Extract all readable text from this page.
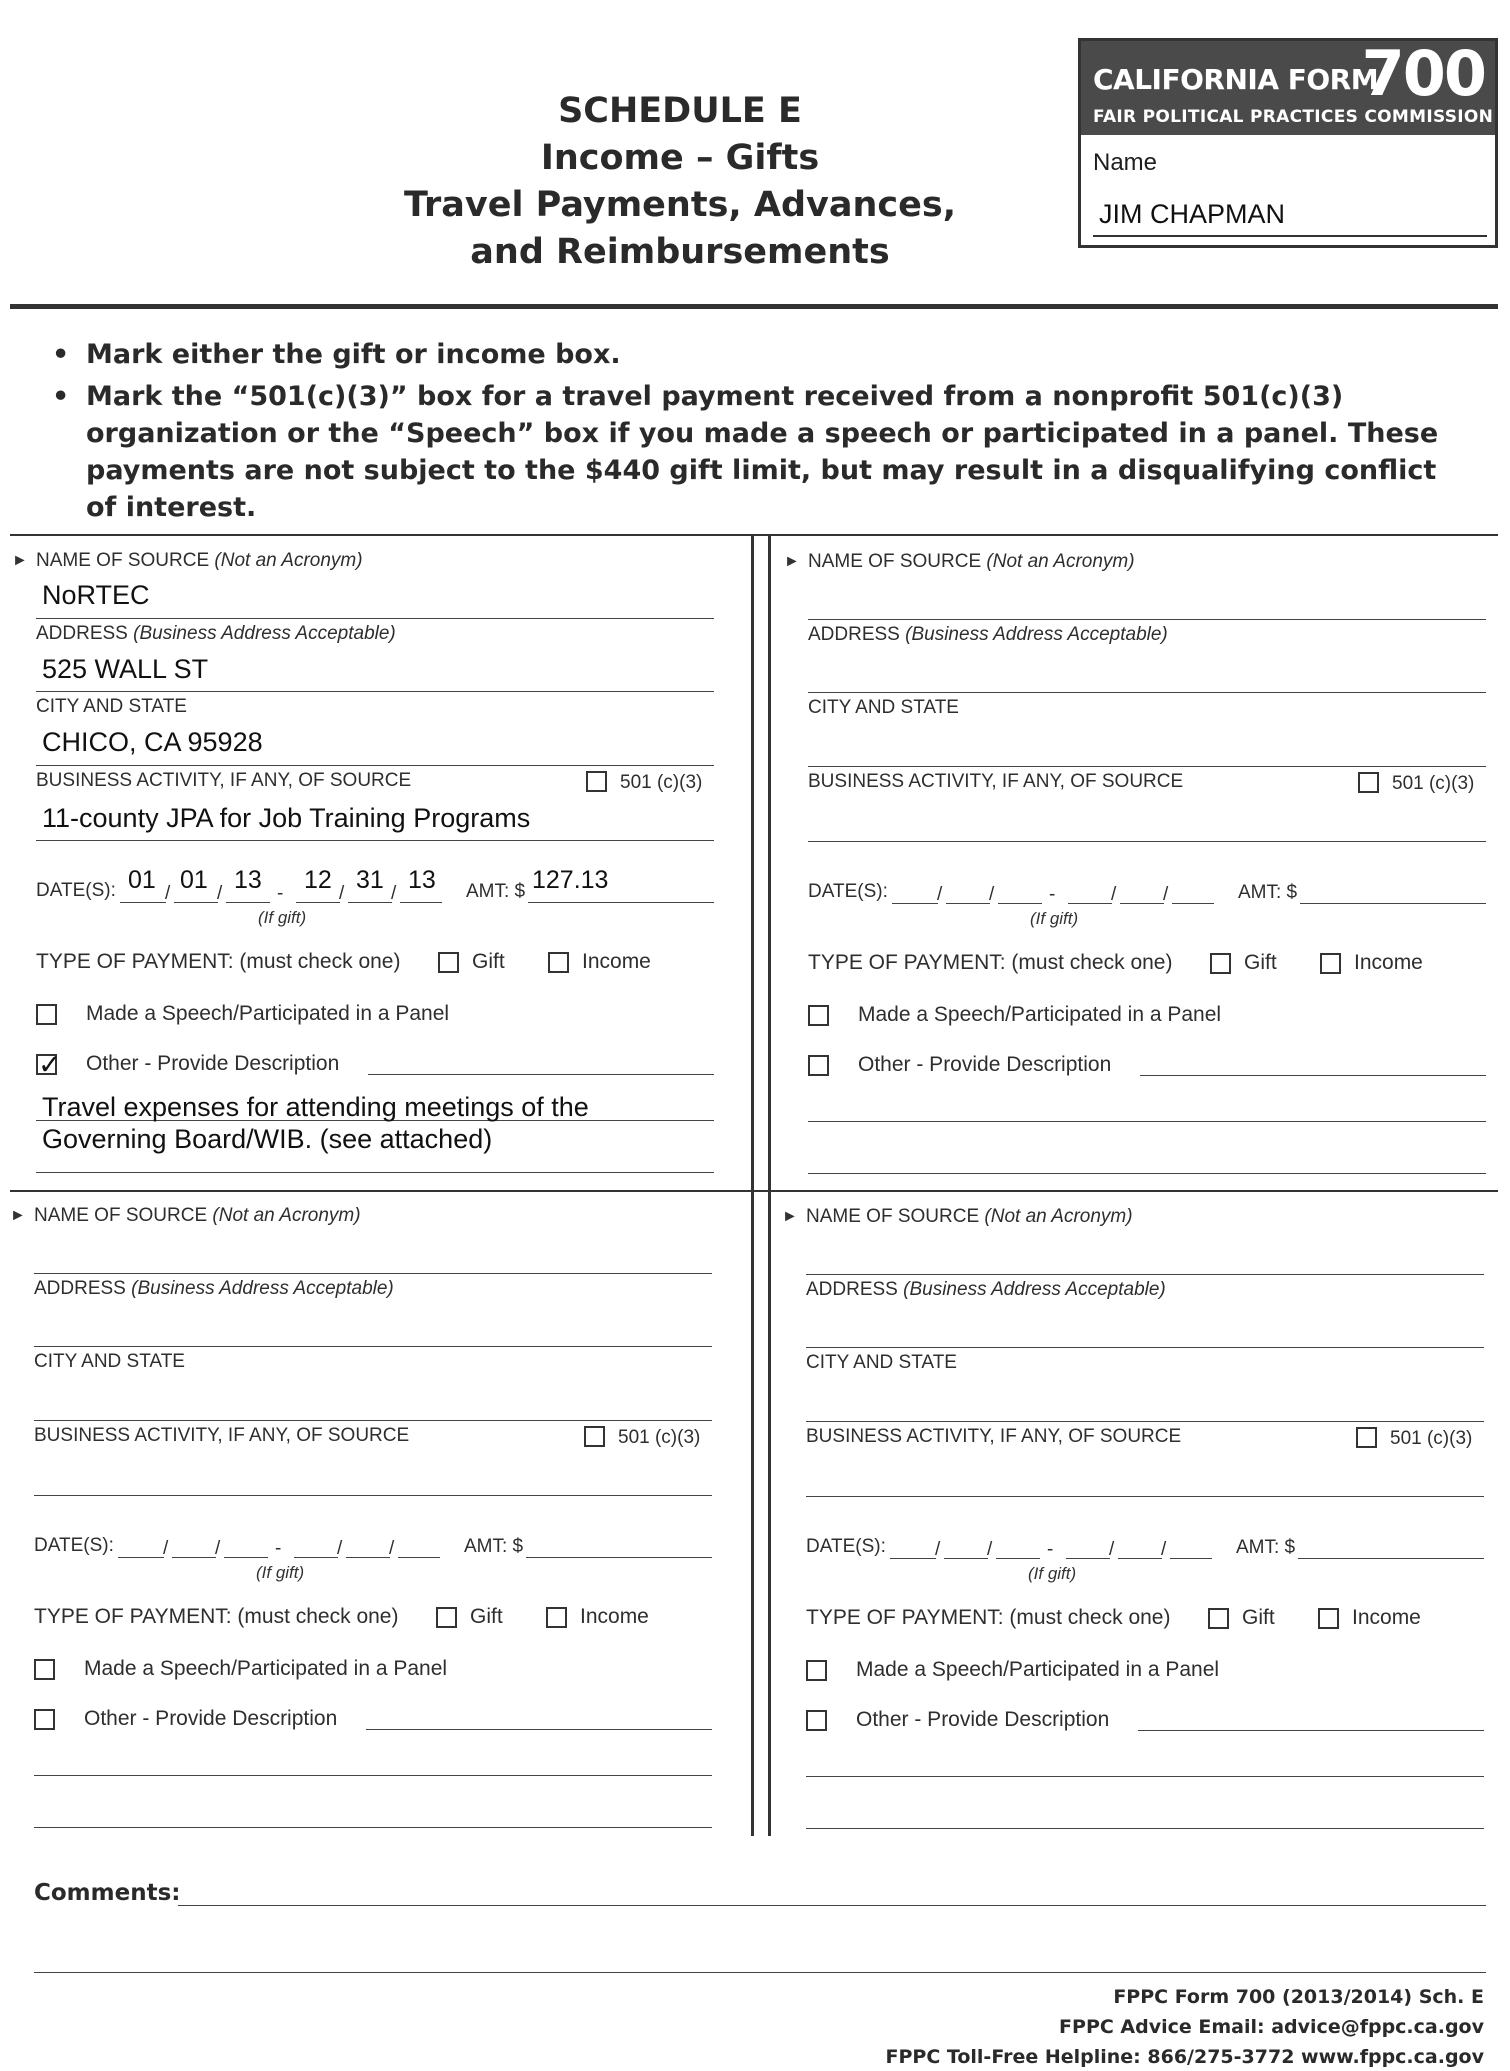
SCHEDULE E
Income – Gifts
Travel Payments, Advances,
and Reimbursements
CALIFORNIA FORM
700
FAIR POLITICAL PRACTICES COMMISSION
Name
JIM CHAPMAN
• Mark either the gift or income box.
• Mark the “501(c)(3)” box for a travel payment received from a nonprofit 501(c)(3) organization or the “Speech” box if you made a speech or participated in a panel. These payments are not subject to the $440 gift limit, but may result in a disqualifying conflict of interest.
► NAME OF SOURCE (Not an Acronym)
NoRTEC
ADDRESS (Business Address Acceptable)
525 WALL ST
CITY AND STATE
CHICO, CA 95928
BUSINESS ACTIVITY, IF ANY, OF SOURCE	501 (c)(3)
11-county JPA for Job Training Programs
DATE(S):	/ /	-	/ /
01 01 13 12 31 13
(If gift)
AMT: $ 127.13
TYPE OF PAYMENT: (must check one)	Gift	Income
Made a Speech/Participated in a Panel
✓ Other - Provide Description
Travel expenses for attending meetings of the
Governing Board/WIB. (see attached)
► NAME OF SOURCE (Not an Acronym)
ADDRESS (Business Address Acceptable)
CITY AND STATE
BUSINESS ACTIVITY, IF ANY, OF SOURCE	501 (c)(3)
DATE(S):	/ /	-	/ /
(If gift)
AMT: $
TYPE OF PAYMENT: (must check one)	Gift	Income
Made a Speech/Participated in a Panel
Other - Provide Description
► NAME OF SOURCE (Not an Acronym)
ADDRESS (Business Address Acceptable)
CITY AND STATE
BUSINESS ACTIVITY, IF ANY, OF SOURCE	501 (c)(3)
DATE(S):	/ /	-	/ /
(If gift)
AMT: $
TYPE OF PAYMENT: (must check one)	Gift	Income
Made a Speech/Participated in a Panel
Other - Provide Description
► NAME OF SOURCE (Not an Acronym)
ADDRESS (Business Address Acceptable)
CITY AND STATE
BUSINESS ACTIVITY, IF ANY, OF SOURCE	501 (c)(3)
DATE(S):	/ /	-	/ /
(If gift)
AMT: $
TYPE OF PAYMENT: (must check one)	Gift	Income
Made a Speech/Participated in a Panel
Other - Provide Description
Comments:
FPPC Form 700 (2013/2014) Sch. E
FPPC Advice Email: advice@fppc.ca.gov
FPPC Toll-Free Helpline: 866/275-3772 www.fppc.ca.gov
